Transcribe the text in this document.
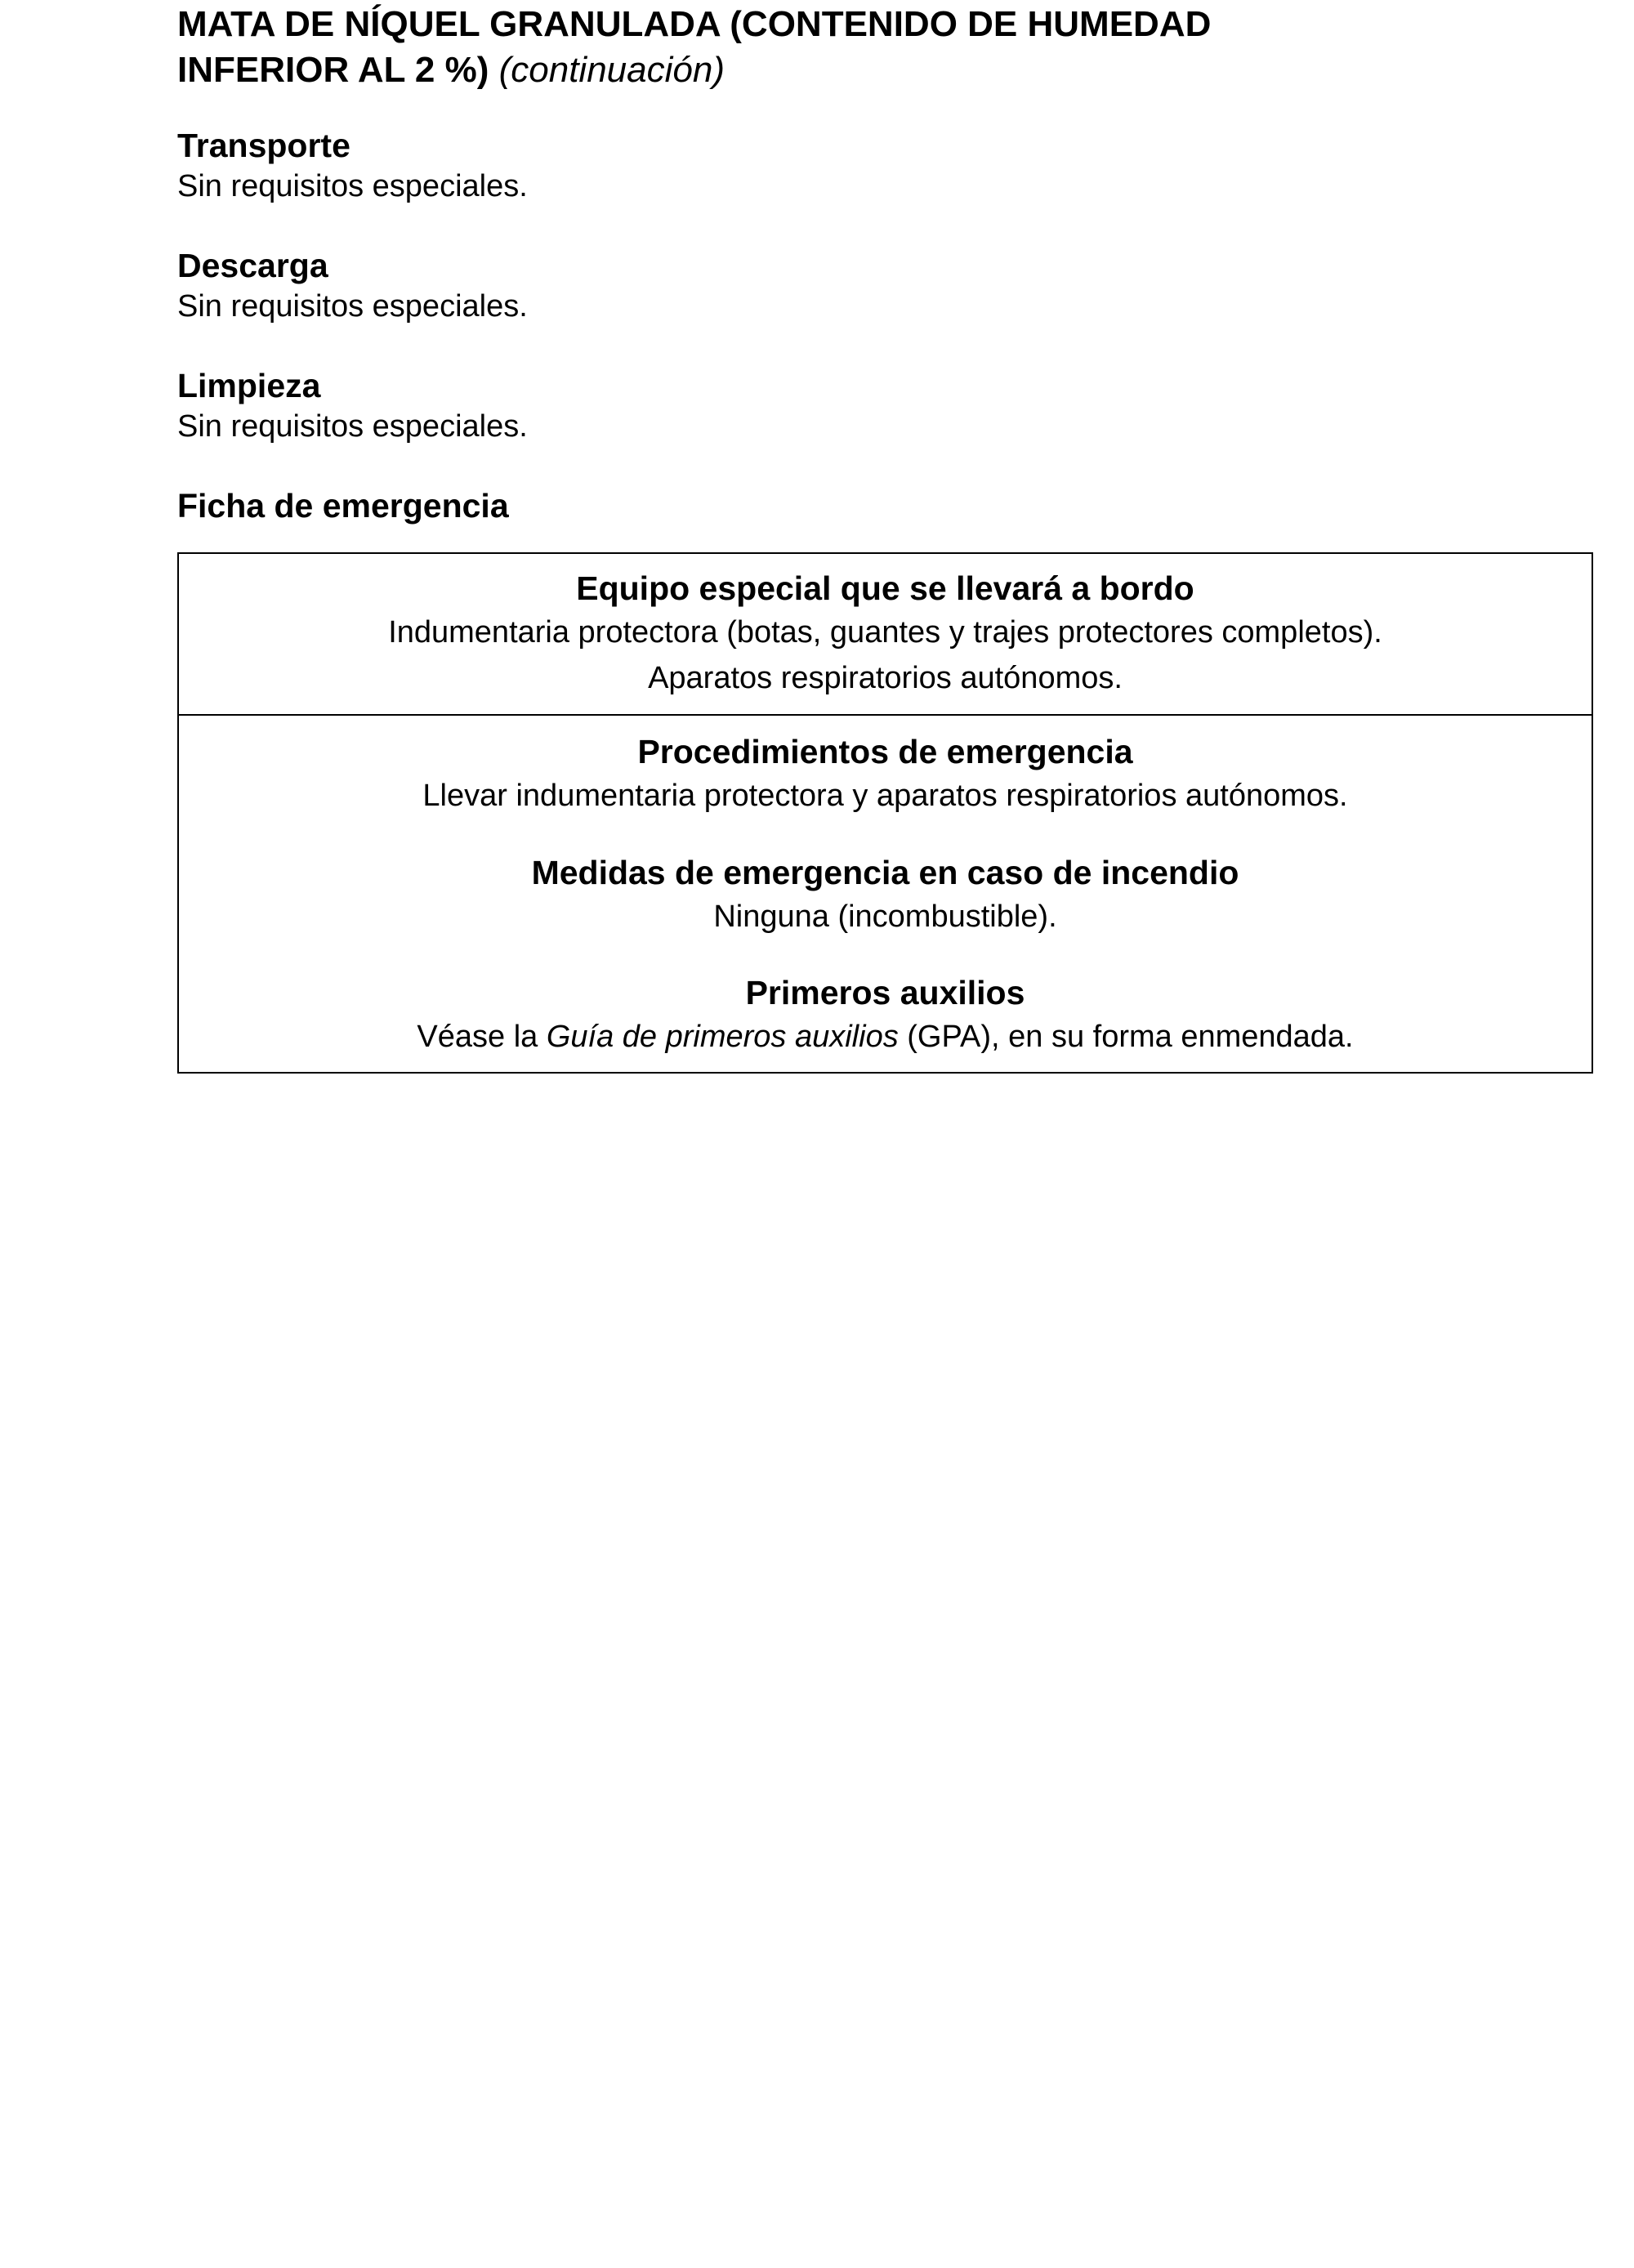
MATA DE NÍQUEL GRANULADA (CONTENIDO DE HUMEDAD
INFERIOR AL 2 %) (continuación)

Transporte

Sin requisitos especiales.

Descarga

Sin requisitos especiales.

Limpieza

Sin requisitos especiales.

Ficha de emergencia

Equipo especial que se llevará a bordo

Indumentaria protectora (botas, guantes y trajes protectores completos).

Aparatos respiratorios autónomos.

Procedimientos de emergencia

Llevar indumentaria protectora y aparatos respiratorios autónomos.

Medidas de emergencia en caso de incendio

Ninguna (incombustible).

Primeros auxilios

Véase la Guía de primeros auxilios (GPA), en su forma enmendada.
